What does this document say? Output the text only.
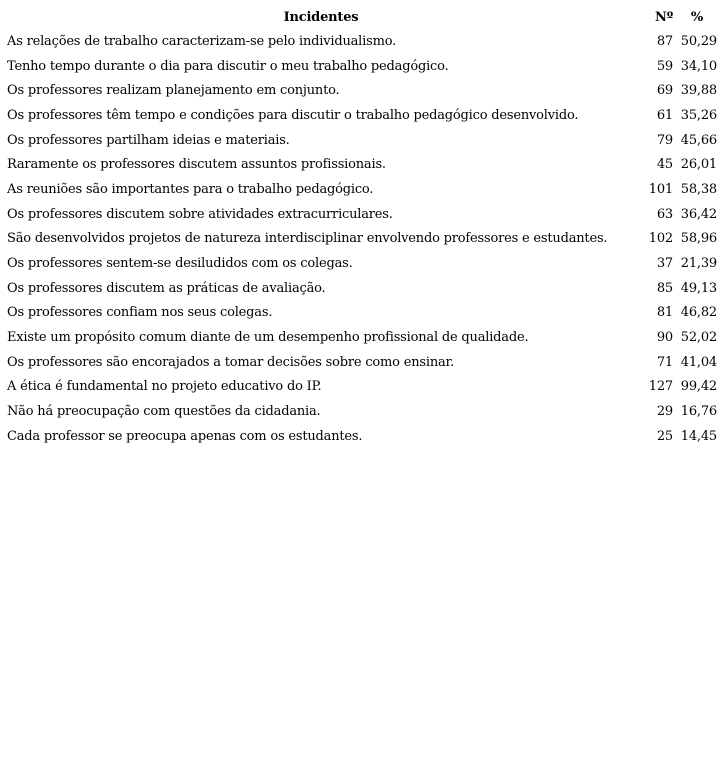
Incidentes	Nº	%
As relações de trabalho caracterizam-se pelo individualismo.	87	50,29
Tenho tempo durante o dia para discutir o meu trabalho pedagógico.	59	34,10
Os professores realizam planejamento em conjunto.	69	39,88
Os professores têm tempo e condições para discutir o trabalho pedagógico desenvolvido.	61	35,26
Os professores partilham ideias e materiais.	79	45,66
Raramente os professores discutem assuntos profissionais.	45	26,01
As reuniões são importantes para o trabalho pedagógico.	101	58,38
Os professores discutem sobre atividades extracurriculares.	63	36,42
São desenvolvidos projetos de natureza interdisciplinar envolvendo professores e estudantes.	102	58,96
Os professores sentem-se desiludidos com os colegas.	37	21,39
Os professores discutem as práticas de avaliação.	85	49,13
Os professores confiam nos seus colegas.	81	46,82
Existe um propósito comum diante de um desempenho profissional de qualidade.	90	52,02
Os professores são encorajados a tomar decisões sobre como ensinar.	71	41,04
A ética é fundamental no projeto educativo do IP.	127	99,42
Não há preocupação com questões da cidadania.	29	16,76
Cada professor se preocupa apenas com os estudantes.	25	14,45
